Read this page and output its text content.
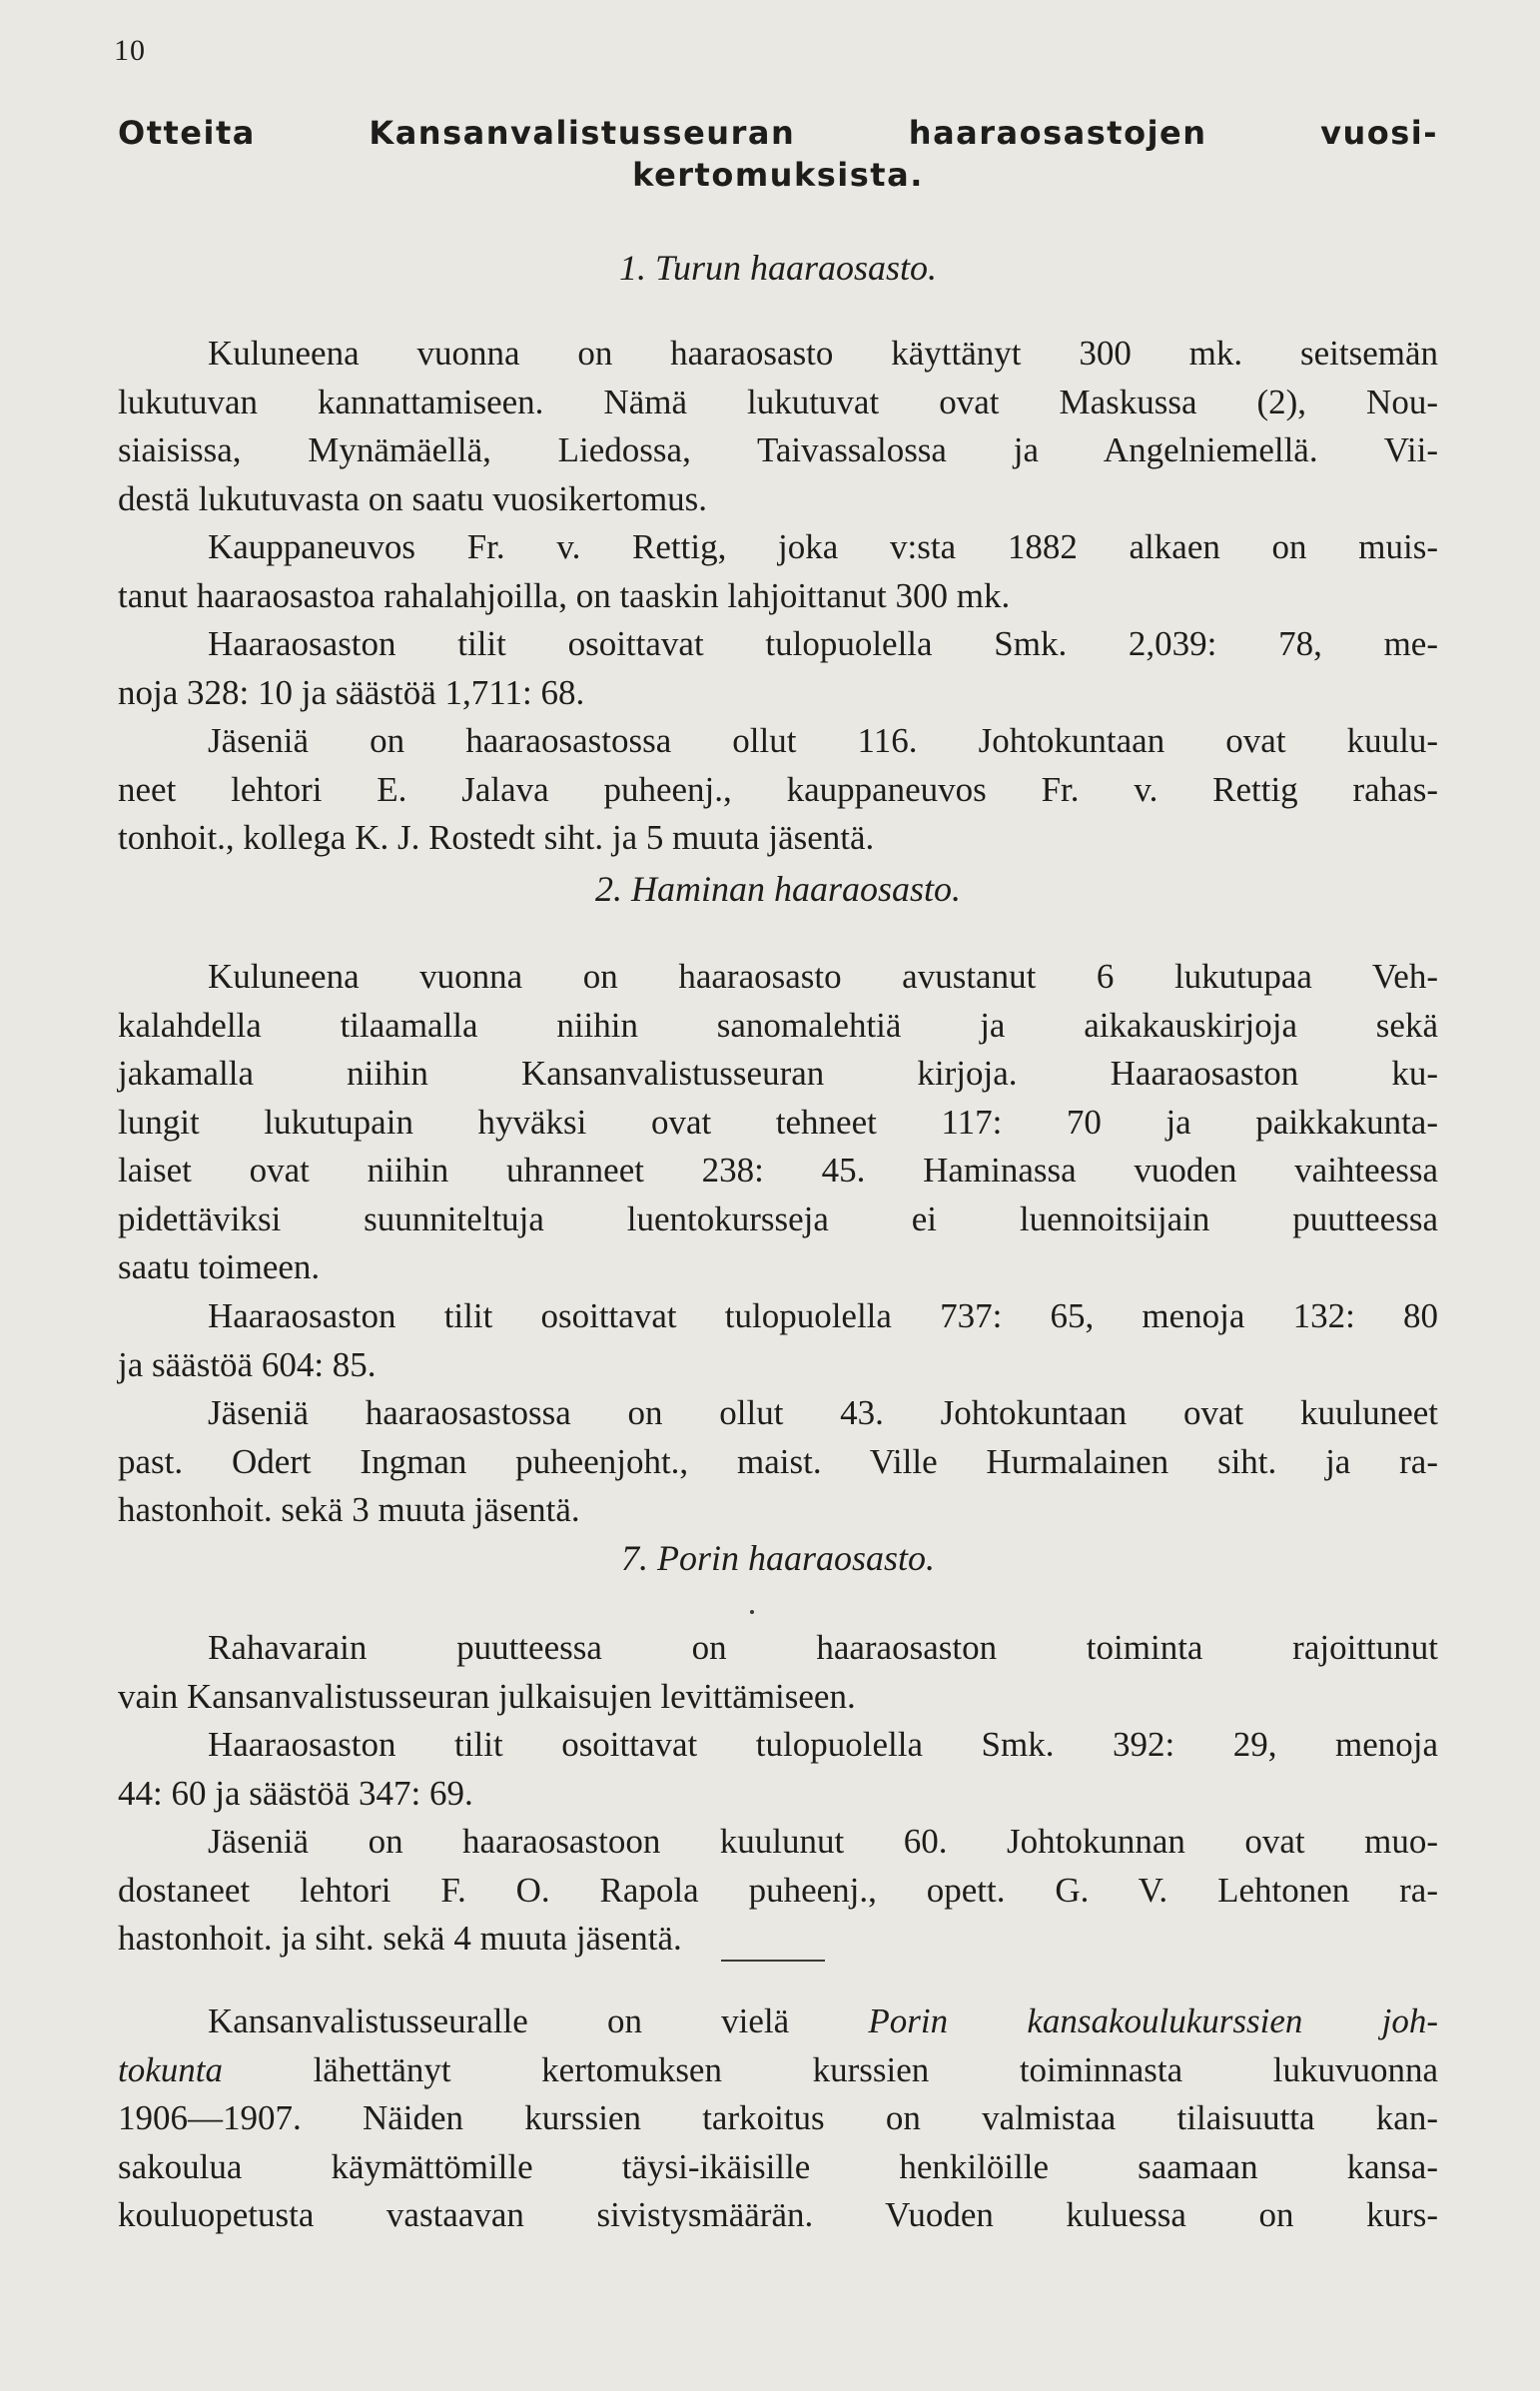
10
Otteita Kansanvalistusseuran haaraosastojen vuosi-
kertomuksista.
1. Turun haaraosasto.
Kuluneena vuonna on haaraosasto käyttänyt 300 mk. seitsemän
lukutuvan kannattamiseen. Nämä lukutuvat ovat Maskussa (2), Nou-
siaisissa, Mynämäellä, Liedossa, Taivassalossa ja Angelniemellä. Vii-
destä lukutuvasta on saatu vuosikertomus.
Kauppaneuvos Fr. v. Rettig, joka v:sta 1882 alkaen on muis-
tanut haaraosastoa rahalahjoilla, on taaskin lahjoittanut 300 mk.
Haaraosaston tilit osoittavat tulopuolella Smk. 2,039: 78, me-
noja 328: 10 ja säästöä 1,711: 68.
Jäseniä on haaraosastossa ollut 116. Johtokuntaan ovat kuulu-
neet lehtori E. Jalava puheenj., kauppaneuvos Fr. v. Rettig rahas-
tonhoit., kollega K. J. Rostedt siht. ja 5 muuta jäsentä.
2. Haminan haaraosasto.
Kuluneena vuonna on haaraosasto avustanut 6 lukutupaa Veh-
kalahdella tilaamalla niihin sanomalehtiä ja aikakauskirjoja sekä
jakamalla niihin Kansanvalistusseuran kirjoja. Haaraosaston ku-
lungit lukutupain hyväksi ovat tehneet 117: 70 ja paikkakunta-
laiset ovat niihin uhranneet 238: 45. Haminassa vuoden vaihteessa
pidettäviksi suunniteltuja luentokursseja ei luennoitsijain puutteessa
saatu toimeen.
Haaraosaston tilit osoittavat tulopuolella 737: 65, menoja 132: 80
ja säästöä 604: 85.
Jäseniä haaraosastossa on ollut 43. Johtokuntaan ovat kuuluneet
past. Odert Ingman puheenjoht., maist. Ville Hurmalainen siht. ja ra-
hastonhoit. sekä 3 muuta jäsentä.
7. Porin haaraosasto.
Rahavarain puutteessa on haaraosaston toiminta rajoittunut
vain Kansanvalistusseuran julkaisujen levittämiseen.
Haaraosaston tilit osoittavat tulopuolella Smk. 392: 29, menoja
44: 60 ja säästöä 347: 69.
Jäseniä on haaraosastoon kuulunut 60. Johtokunnan ovat muo-
dostaneet lehtori F. O. Rapola puheenj., opett. G. V. Lehtonen ra-
hastonhoit. ja siht. sekä 4 muuta jäsentä.
Kansanvalistusseuralle on vielä Porin kansakoulukurssien joh-
tokunta lähettänyt kertomuksen kurssien toiminnasta lukuvuonna
1906—1907. Näiden kurssien tarkoitus on valmistaa tilaisuutta kan-
sakoulua käymättömille täysi-ikäisille henkilöille saamaan kansa-
kouluopetusta vastaavan sivistysmäärän. Vuoden kuluessa on kurs-
